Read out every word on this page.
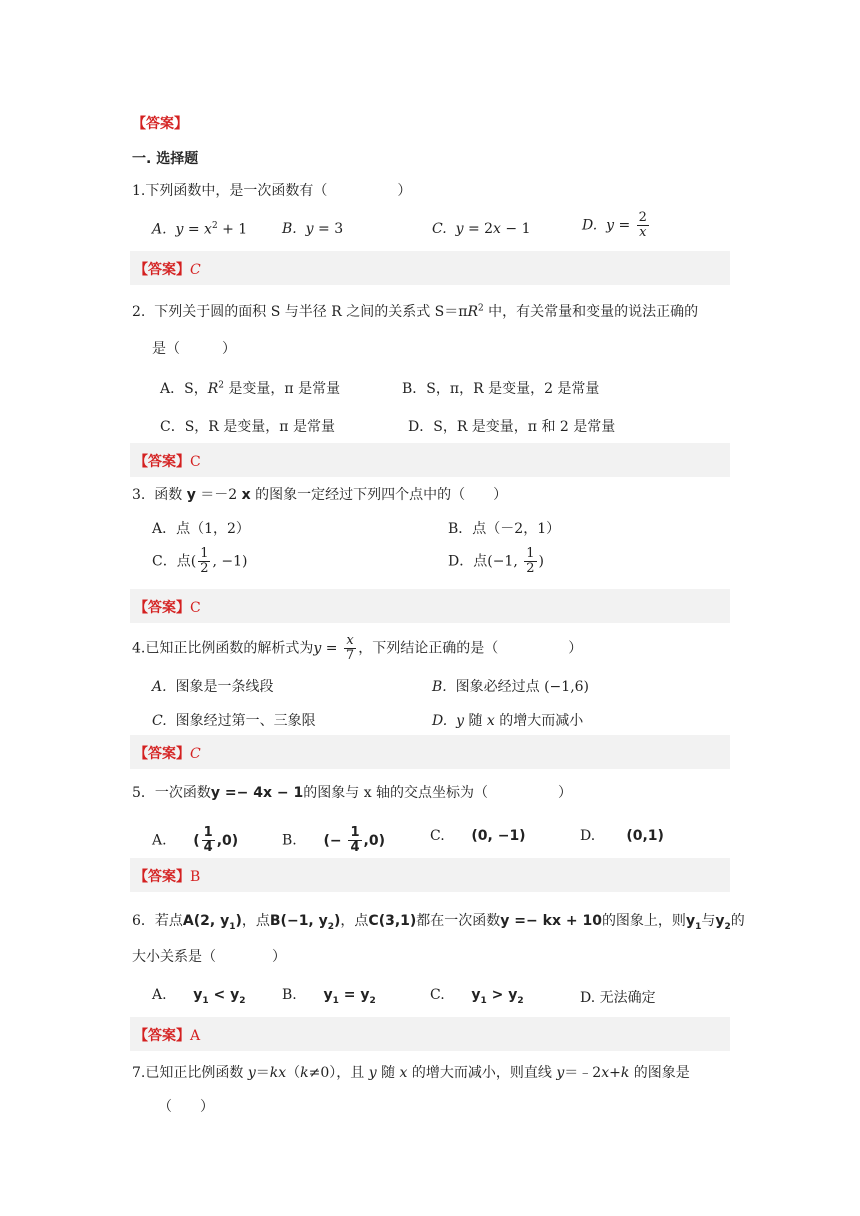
【答案】
一. 选择题
1.下列函数中，是一次函数有（　　　　　）
A. $y = x^2 + 1$ B. y = 3	C. y = 2x − 1	D. $y = \frac{2}{x}$
【答案】C
2.  下列关于圆的面积 S 与半径 R 之间的关系式 $S=\pi R^2$ 中，有关常量和变量的说法正确的
是（　　　）
A．S，$R^2$ 是变量，π 是常量	B．S，π，R 是变量，2 是常量
C．S，R 是变量，π 是常量	D．S，R 是变量，π 和 2 是常量
【答案】C
3.  函数 y ＝－2 x 的图象一定经过下列四个点中的（　　）
A．点（1，2）	B．点（－2，1）
C．点( $\frac{1}{2}$ , −1)	D．点(−1, $\frac{1}{2}$ )
【答案】C
4.已知正比例函数的解析式为$y = \frac{x}{7}$ ，下列结论正确的是（　　　　　）
A.  图象是一条线段	B.  图象必经过点 (−1,6)
C.  图象经过第一、三象限	D. y 随 x 的增大而减小
【答案】C
5．一次函数y =− 4x − 1的图象与 x 轴的交点坐标为（　　　　　）
A. ( $\frac{1}{4} ,0$)	B. (− $\frac{1}{4} ,0$)	C. (0, −1)	D. (0,1)
【答案】B
6．若点A(2, $y_1$)，点B(−1, $y_2$)，点C(3,1)都在一次函数y =− kx + 10的图象上，则$y_1$与$y_2$的
大小关系是（　　　　）
A. $y_1 < y_2$	B. $y_1 = y_2$	C. $y_1 > y_2$	D. 无法确定
【答案】A
7.已知正比例函数 y＝kx（k≠0），且 y 随 x 的增大而减小，则直线 y＝﹣2x+k 的图象是
（　　）
